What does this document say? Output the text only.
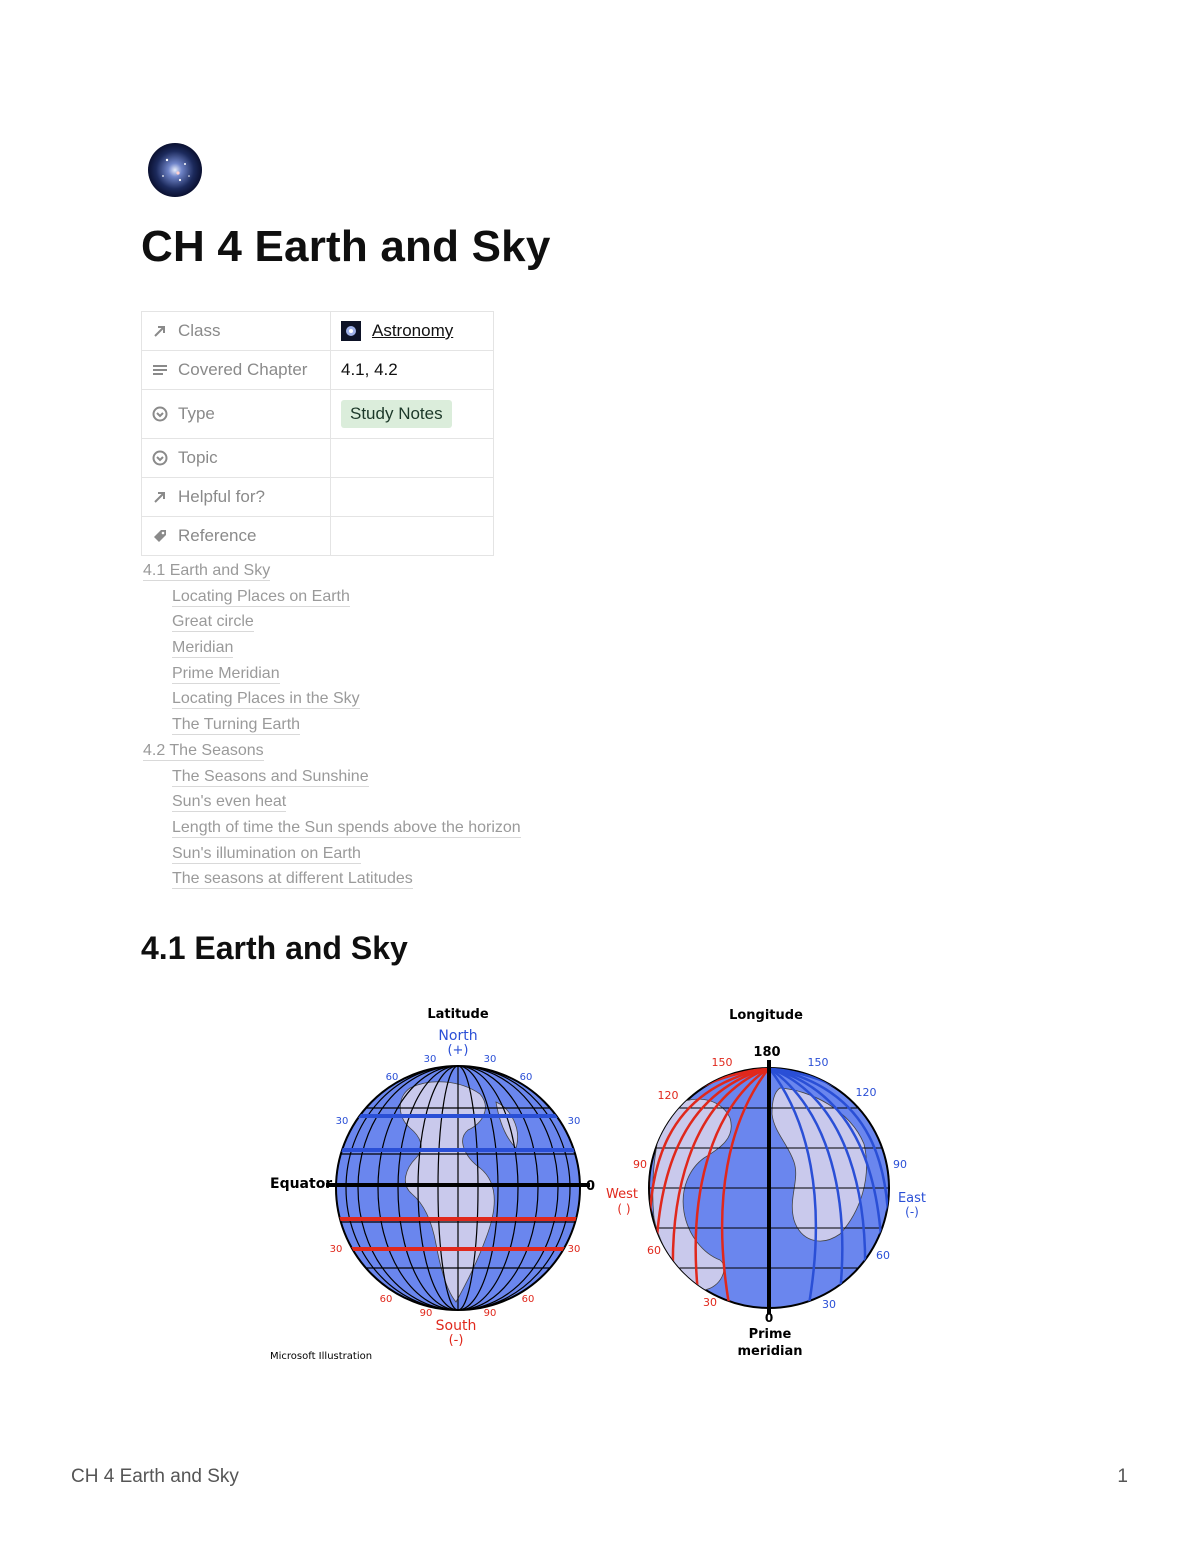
CH 4 Earth and Sky
Class	Astronomy

Covered Chapter	4.1, 4.2

Type	Study Notes

Topic	

Helpful for?	

Reference	

4.1 Earth and Sky
Locating Places on Earth
Great circle
Meridian
Prime Meridian
Locating Places in the Sky
The Turning Earth
4.2 The Seasons
The Seasons and Sunshine
Sun's even heat
Length of time the Sun spends above the horizon
Sun's illumination on Earth
The seasons at different Latitudes
4.1 Earth and Sky
Latitude
North
(+)
30	30
60	60
30	30
Equator	0
30	30
60	60
90	90
South
(-)
Microsoft Illustration
Longitude
180
150
120
90
60
30
West
( )
150
120
90
60
30
East
(-)
0
Prime
meridian
CH 4 Earth and Sky	1
